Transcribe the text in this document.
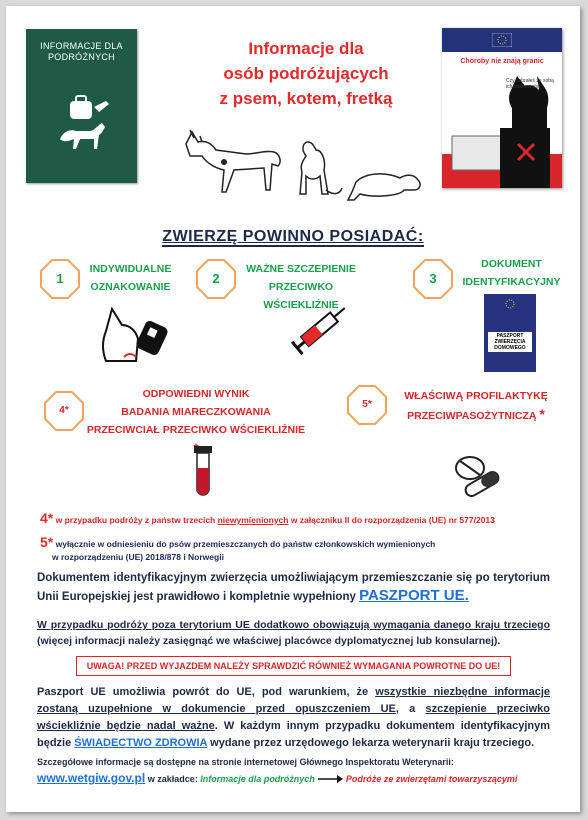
INFORMACJE DLA
PODRÓŻNYCH	Informacje dla
osób podróżujących
z psem, kotem, fretką
Choroby nie znają granic
Czy zabrałeś ze sobą ich dokumenty?
ZWIERZĘ POWINNO POSIADAĆ:
1
INDYWIDUALNE
OZNAKOWANIE
2
WAŻNE SZCZEPIENIE
PRZECIWKO WŚCIEKLIŹNIE
3
DOKUMENT
IDENTYFIKACYJNY
PASZPORT
ZWIERZĘCIA
DOMOWEGO
4*
ODPOWIEDNI WYNIK
BADANIA MIARECZKOWANIA
PRZECIWCIAŁ PRZECIWKO WŚCIEKLIŹNIE
5*
WŁAŚCIWĄ PROFILAKTYKĘ
PRZECIWPASOŻYTNICZĄ *
4* w przypadku podróży z państw trzecich niewymienionych w załączniku II do rozporządzenia (UE) nr 577/2013
5* wyłącznie w odniesieniu do psów przemieszczanych do państw członkowskich wymienionych
w rozporządzeniu (UE) 2018/878 i Norwegii
Dokumentem identyfikacyjnym zwierzęcia umożliwiającym przemieszczanie się po terytorium Unii Europejskiej jest prawidłowo i kompletnie wypełniony PASZPORT UE.
W przypadku podróży poza terytorium UE dodatkowo obowiązują wymagania danego kraju trzeciego (więcej informacji należy zasięgnąć we właściwej placówce dyplomatycznej lub konsularnej).
UWAGA! PRZED WYJAZDEM NALEŻY SPRAWDZIĆ RÓWNIEŻ WYMAGANIA POWROTNE DO UE!
Paszport UE umożliwia powrót do UE, pod warunkiem, że wszystkie niezbędne informacje zostaną uzupełnione w dokumencie przed opuszczeniem UE, a szczepienie przeciwko wściekliźnie będzie nadal ważne. W każdym innym przypadku dokumentem identyfikacyjnym będzie ŚWIADECTWO ZDROWIA wydane przez urzędowego lekarza weterynarii kraju trzeciego.
Szczegółowe informacje są dostępne na stronie internetowej Głównego Inspektoratu Weterynarii:
www.wetgiw.gov.pl w zakładce: Informacje dla podróżnych	Podróże ze zwierzętami towarzyszącymi
